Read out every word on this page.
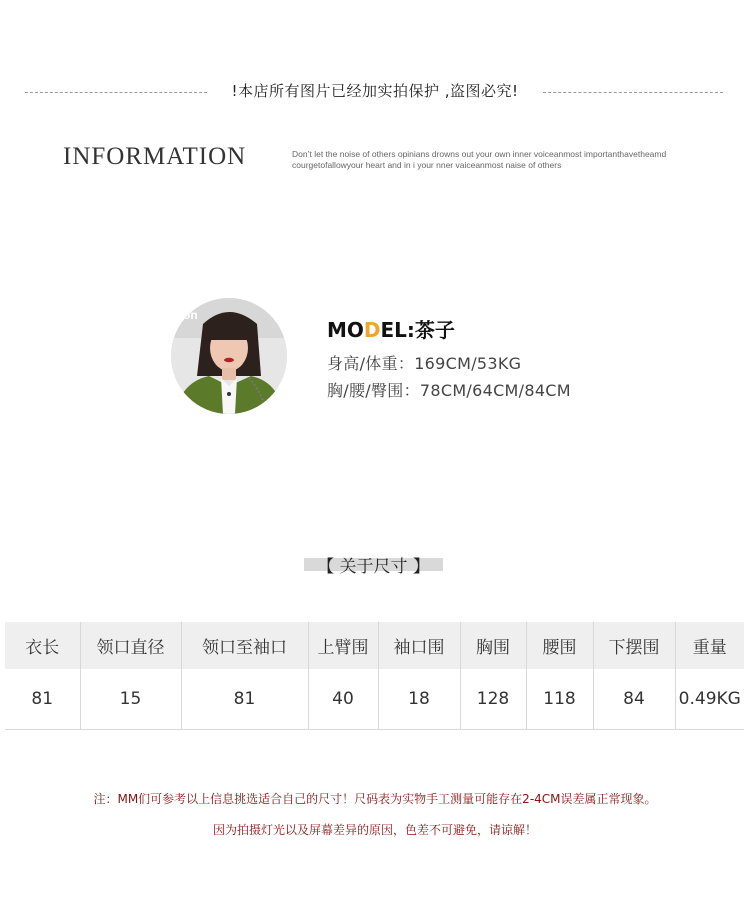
!本店所有图片已经加实拍保护 ,盗图必究!
INFORMATION	Don’t let the noise of others opinians drowns out your own inner voiceanmost importanthavetheamd
courgetofallowyour heart and in i your nner vaiceanmost naise of others
on
MODEL:茶子
身高/体重：169CM/53KG
胸/腰/臀围：78CM/64CM/84CM
【 关于尺寸 】
衣长	领口直径	领口至袖口	上臂围	袖口围	胸围	腰围	下摆围	重量
81	15	81	40	18	128	118	84	0.49KG
注：MM们可参考以上信息挑选适合自己的尺寸！尺码表为实物手工测量可能存在2-4CM误差属正常现象。
因为拍摄灯光以及屏幕差异的原因，色差不可避免，请谅解！
